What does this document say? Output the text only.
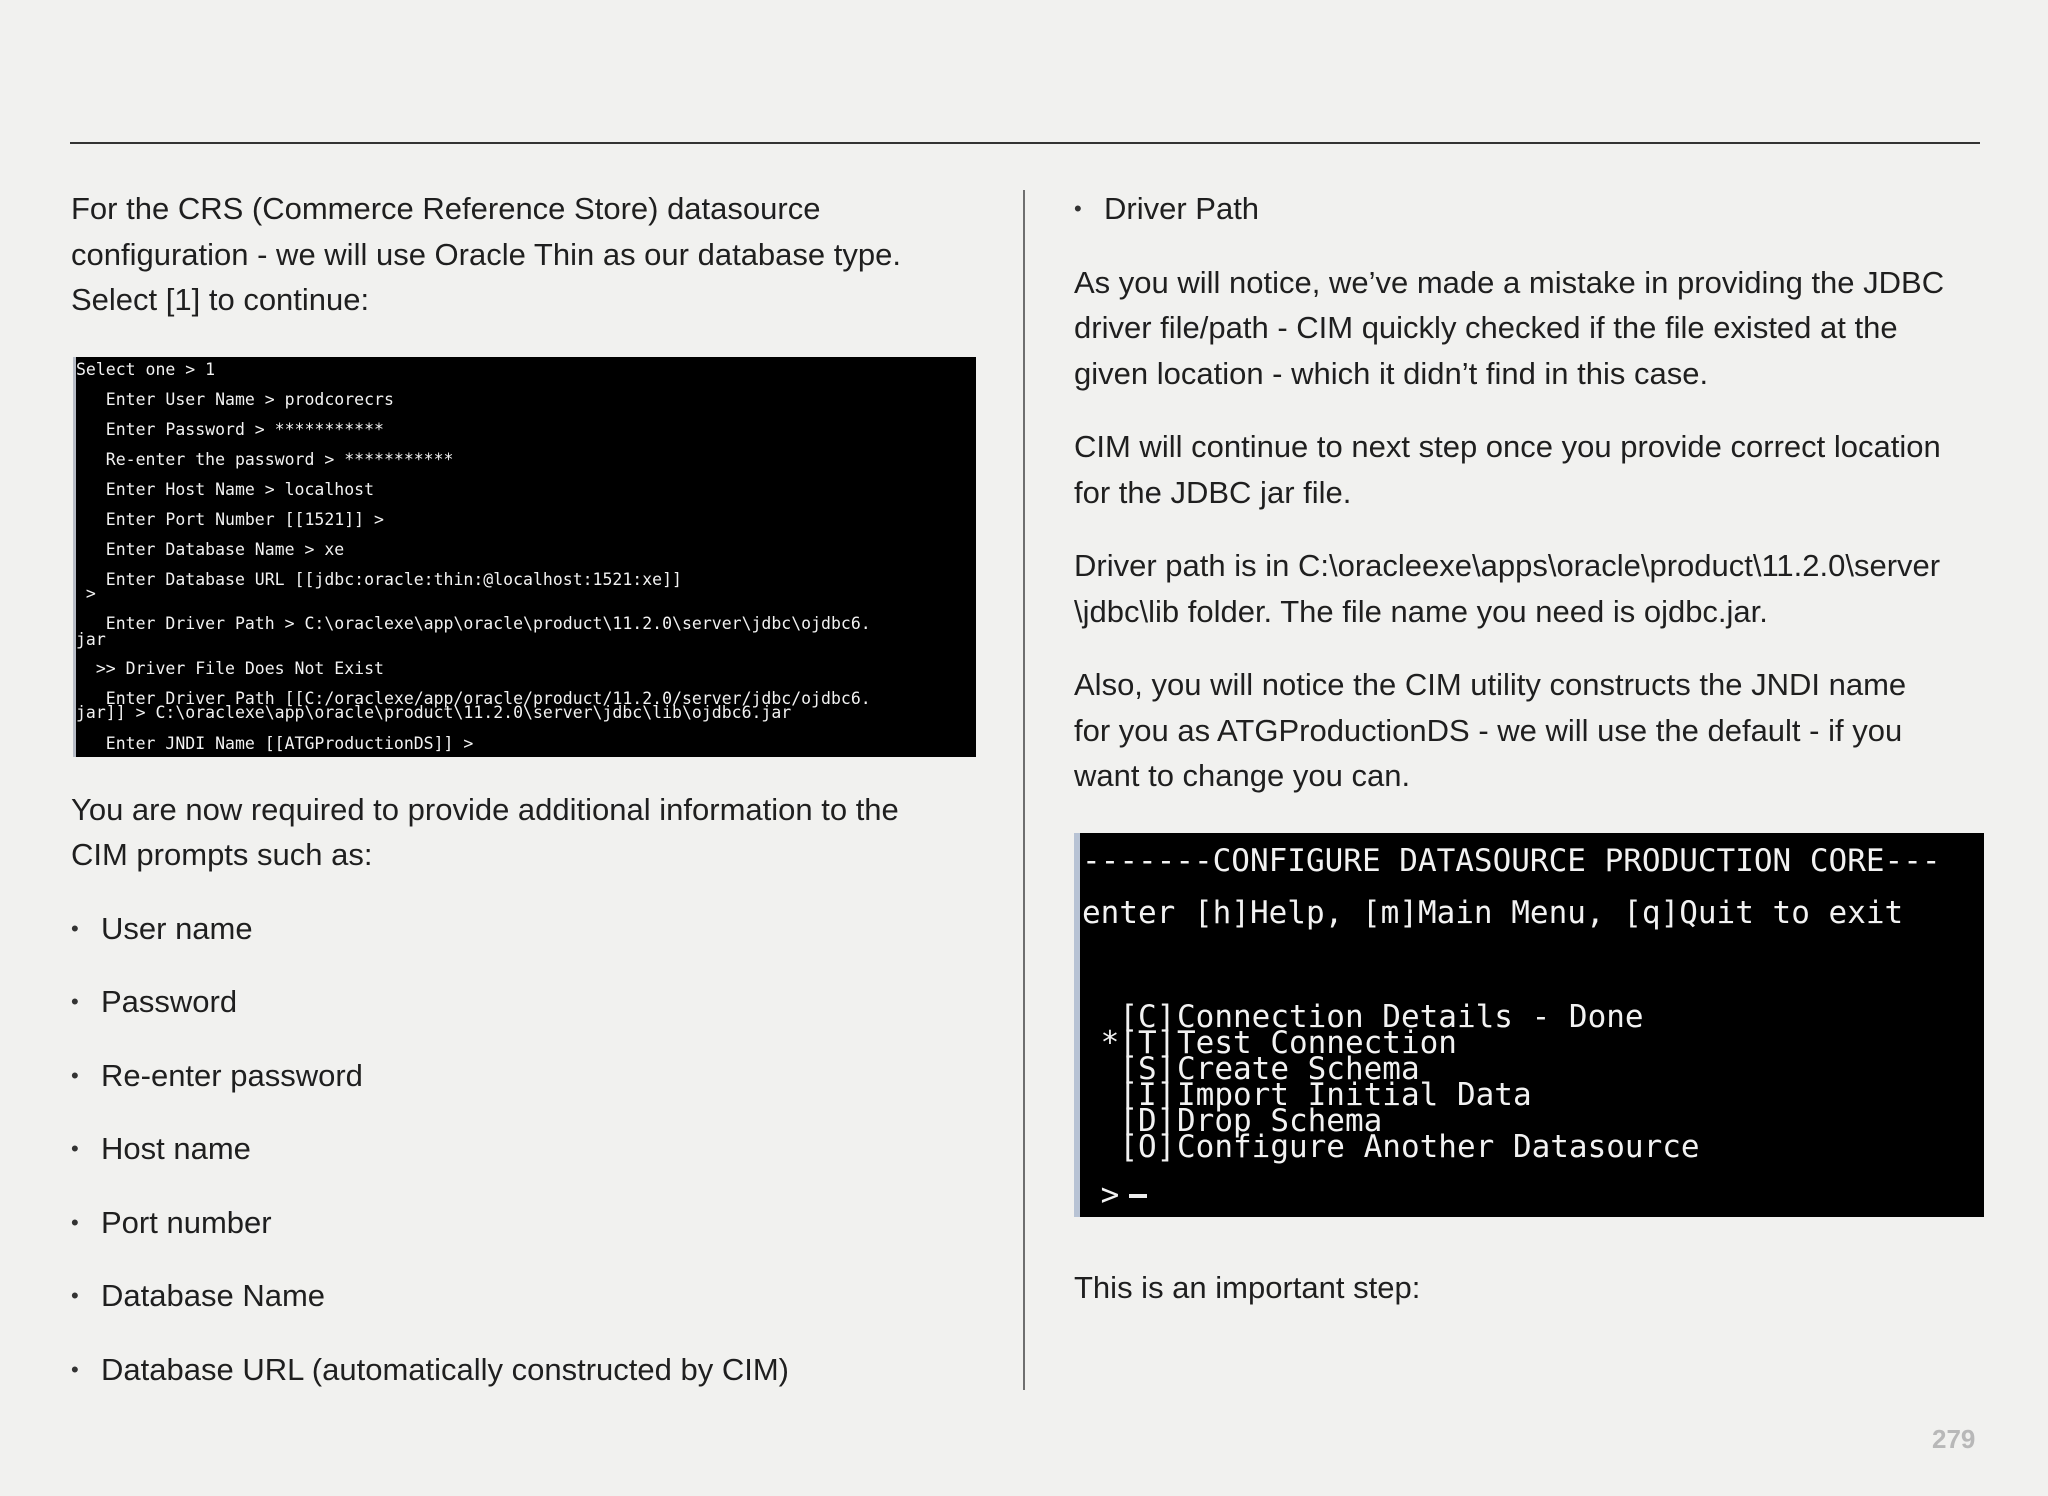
For the CRS (Commerce Reference Store) datasource
configuration - we will use Oracle Thin as our database type.
Select [1] to continue:

Select one > 1
Enter User Name > prodcorecrs
Enter Password > ***********
Re-enter the password > ***********
Enter Host Name > localhost
Enter Port Number [[1521]] >
Enter Database Name > xe
Enter Database URL [[jdbc:oracle:thin:@localhost:1521:xe]]
>
Enter Driver Path > C:\oraclexe\app\oracle\product\11.2.0\server\jdbc\ojdbc6.
jar
>> Driver File Does Not Exist
Enter Driver Path [[C:/oraclexe/app/oracle/product/11.2.0/server/jdbc/ojdbc6.
jar]] > C:\oraclexe\app\oracle\product\11.2.0\server\jdbc\lib\ojdbc6.jar
Enter JNDI Name [[ATGProductionDS]] >

You are now required to provide additional information to the
CIM prompts such as:

• User name
• Password
• Re-enter password
• Host name
• Port number
• Database Name
• Database URL (automatically constructed by CIM)
• Driver Path

As you will notice, we’ve made a mistake in providing the JDBC
driver file/path - CIM quickly checked if the file existed at the
given location - which it didn’t find in this case.

CIM will continue to next step once you provide correct location
for the JDBC jar file.

Driver path is in C:\oracleexe\apps\oracle\product\11.2.0\server
\jdbc\lib folder. The file name you need is ojdbc.jar.

Also, you will notice the CIM utility constructs the JNDI name
for you as ATGProductionDS - we will use the default - if you
want to change you can.

-------CONFIGURE DATASOURCE PRODUCTION CORE---
enter [h]Help, [m]Main Menu, [q]Quit to exit
[C]Connection Details - Done
*[T]Test Connection
[S]Create Schema
[I]Import Initial Data
[D]Drop Schema
[O]Configure Another Datasource
>

This is an important step:

279
